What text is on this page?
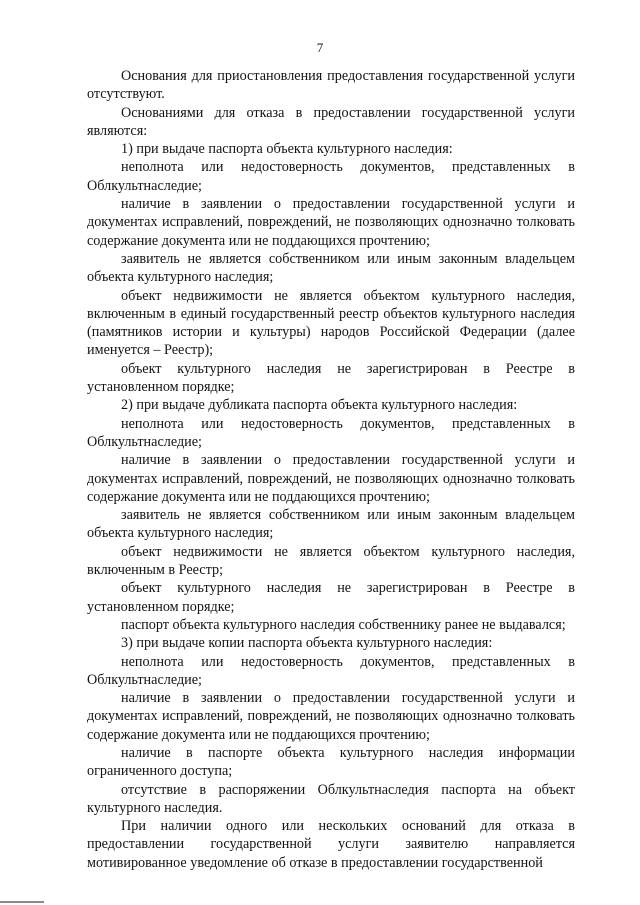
7

Основания для приостановления предоставления государственной услуги отсутствуют.

Основаниями для отказа в предоставлении государственной услуги являются:

1) при выдаче паспорта объекта культурного наследия:

неполнота или недостоверность документов, представленных в Облкультнаследие;

наличие в заявлении о предоставлении государственной услуги и документах исправлений, повреждений, не позволяющих однозначно толковать содержание документа или не поддающихся прочтению;

заявитель не является собственником или иным законным владельцем объекта культурного наследия;

объект недвижимости не является объектом культурного наследия, включенным в единый государственный реестр объектов культурного наследия (памятников истории и культуры) народов Российской Федерации (далее именуется – Реестр);

объект культурного наследия не зарегистрирован в Реестре в установленном порядке;

2) при выдаче дубликата паспорта объекта культурного наследия:

неполнота или недостоверность документов, представленных в Облкультнаследие;

наличие в заявлении о предоставлении государственной услуги и документах исправлений, повреждений, не позволяющих однозначно толковать содержание документа или не поддающихся прочтению;

заявитель не является собственником или иным законным владельцем объекта культурного наследия;

объект недвижимости не является объектом культурного наследия, включенным в Реестр;

объект культурного наследия не зарегистрирован в Реестре в установленном порядке;

паспорт объекта культурного наследия собственнику ранее не выдавался;

3) при выдаче копии паспорта объекта культурного наследия:

неполнота или недостоверность документов, представленных в Облкультнаследие;

наличие в заявлении о предоставлении государственной услуги и документах исправлений, повреждений, не позволяющих однозначно толковать содержание документа или не поддающихся прочтению;

наличие в паспорте объекта культурного наследия информации ограниченного доступа;

отсутствие в распоряжении Облкультнаследия паспорта на объект культурного наследия.

При наличии одного или нескольких оснований для отказа в предоставлении государственной услуги заявителю направляется мотивированное уведомление об отказе в предоставлении государственной
